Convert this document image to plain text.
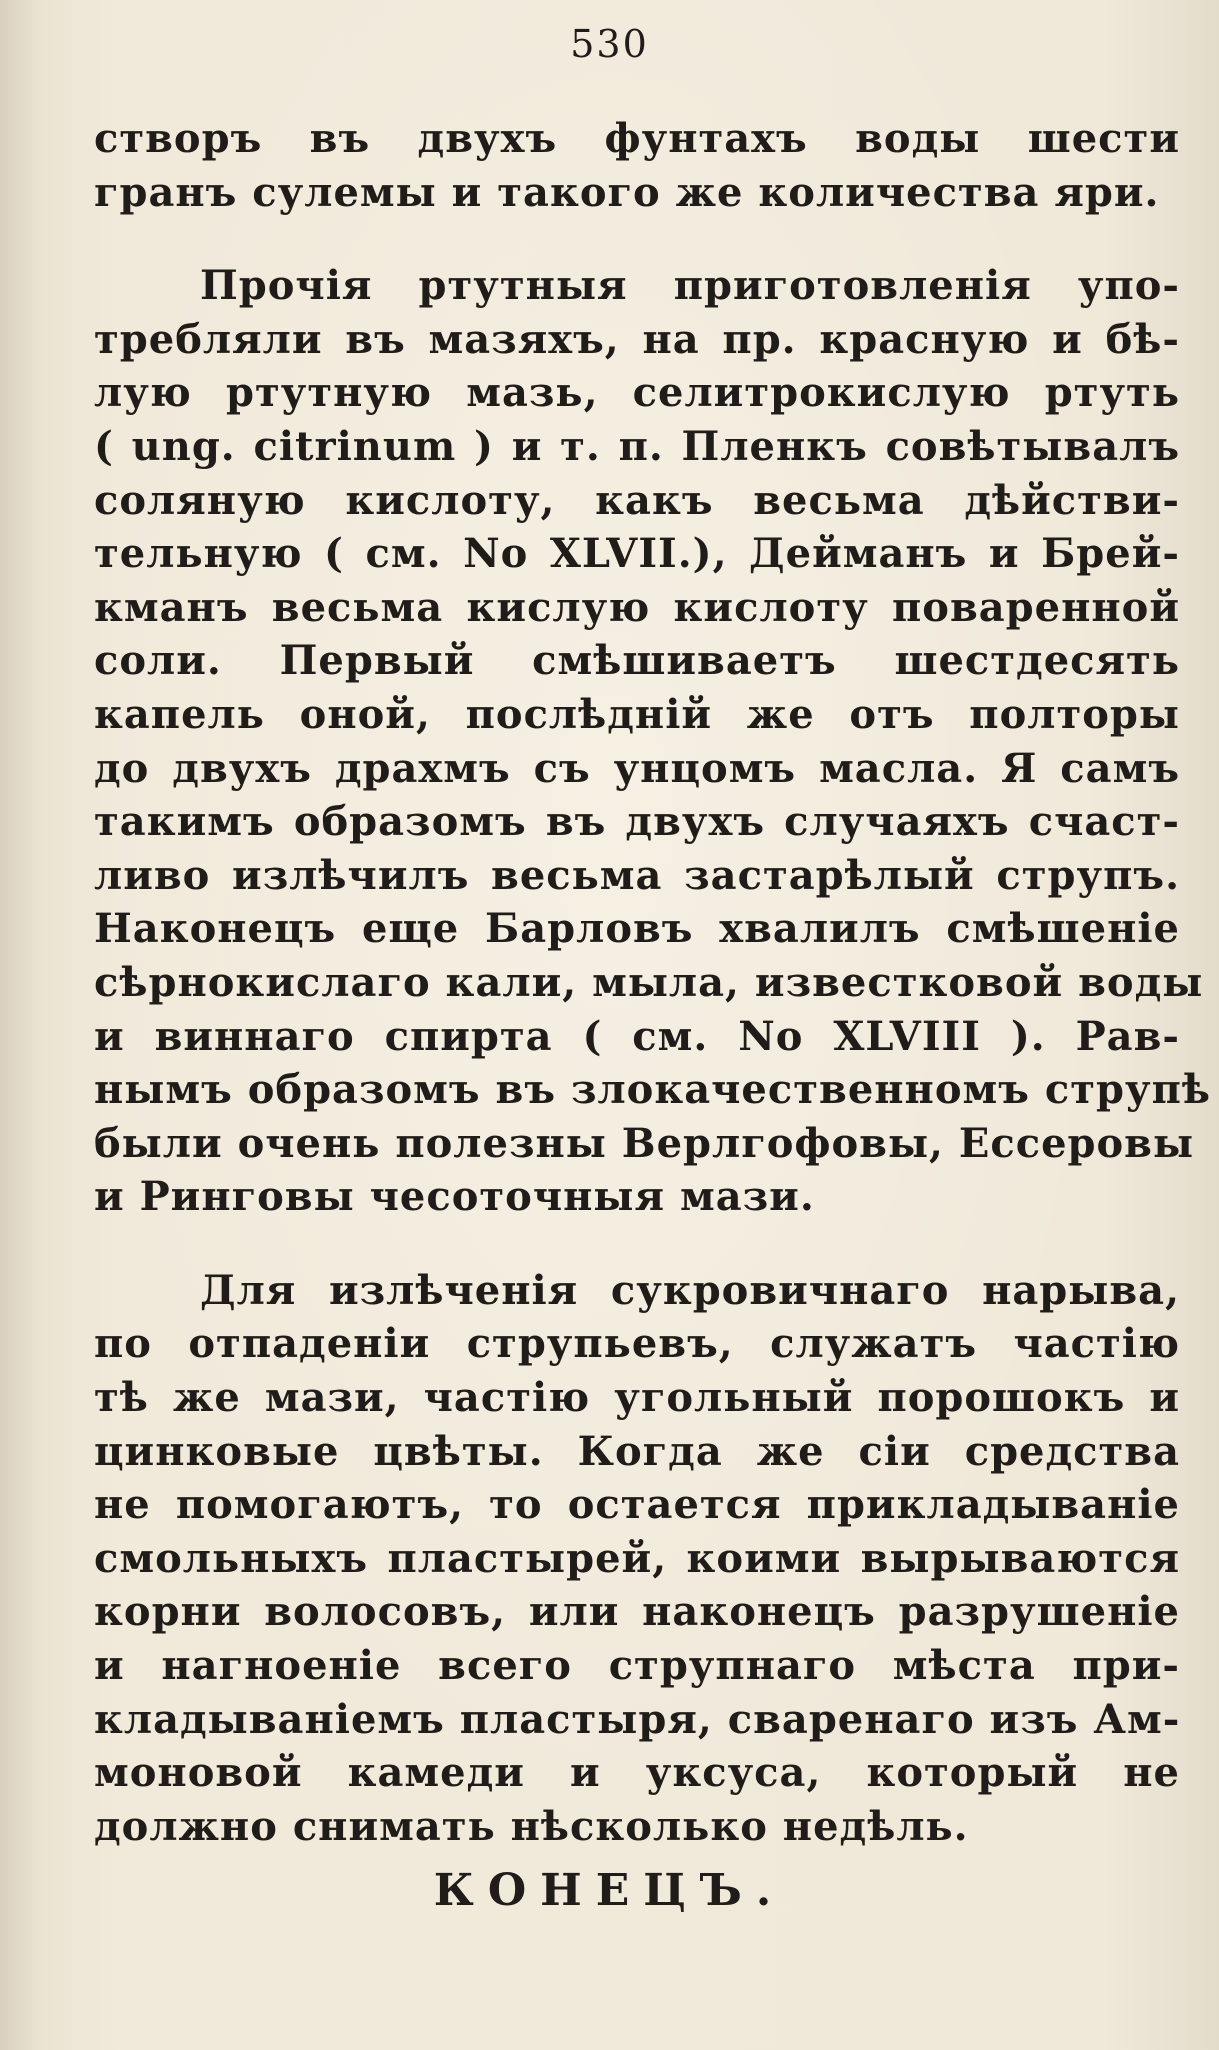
530
створъ въ двухъ фунтахъ воды шести
гранъ сулемы и такого же количества яри.
Прочія ртутныя приготовленія упо-
требляли въ мазяхъ, на пр. красную и бѣ-
лую ртутную мазь, селитрокислую ртуть
( ung. citrinum ) и т. п. Пленкъ совѣтывалъ
соляную кислоту, какъ весьма дѣйстви-
тельную ( см. No XLVII.), Дейманъ и Брей-
кманъ весьма кислую кислоту поваренной
соли. Первый смѣшиваетъ шестдесять
капель оной, послѣдній же отъ полторы
до двухъ драхмъ съ унцомъ масла. Я самъ
такимъ образомъ въ двухъ случаяхъ счаст-
ливо излѣчилъ весьма застарѣлый струпъ.
Наконецъ еще Барловъ хвалилъ смѣшеніе
сѣрнокислаго кали, мыла, известковой воды
и виннаго спирта ( см. No XLVIII ). Рав-
нымъ образомъ въ злокачественномъ струпѣ
были очень полезны Верлгофовы, Ессеровы
и Ринговы чесоточныя мази.
Для излѣченія сукровичнаго нарыва,
по отпаденіи струпьевъ, служатъ частію
тѣ же мази, частію угольный порошокъ и
цинковые цвѣты. Когда же сіи средства
не помогаютъ, то остается прикладываніе
смольныхъ пластырей, коими вырываются
корни волосовъ, или наконецъ разрушеніе
и нагноеніе всего струпнаго мѣста при-
кладываніемъ пластыря, сваренаго изъ Ам-
моновой камеди и уксуса, который не
должно снимать нѣсколько недѣль.
КОНЕЦЪ.
